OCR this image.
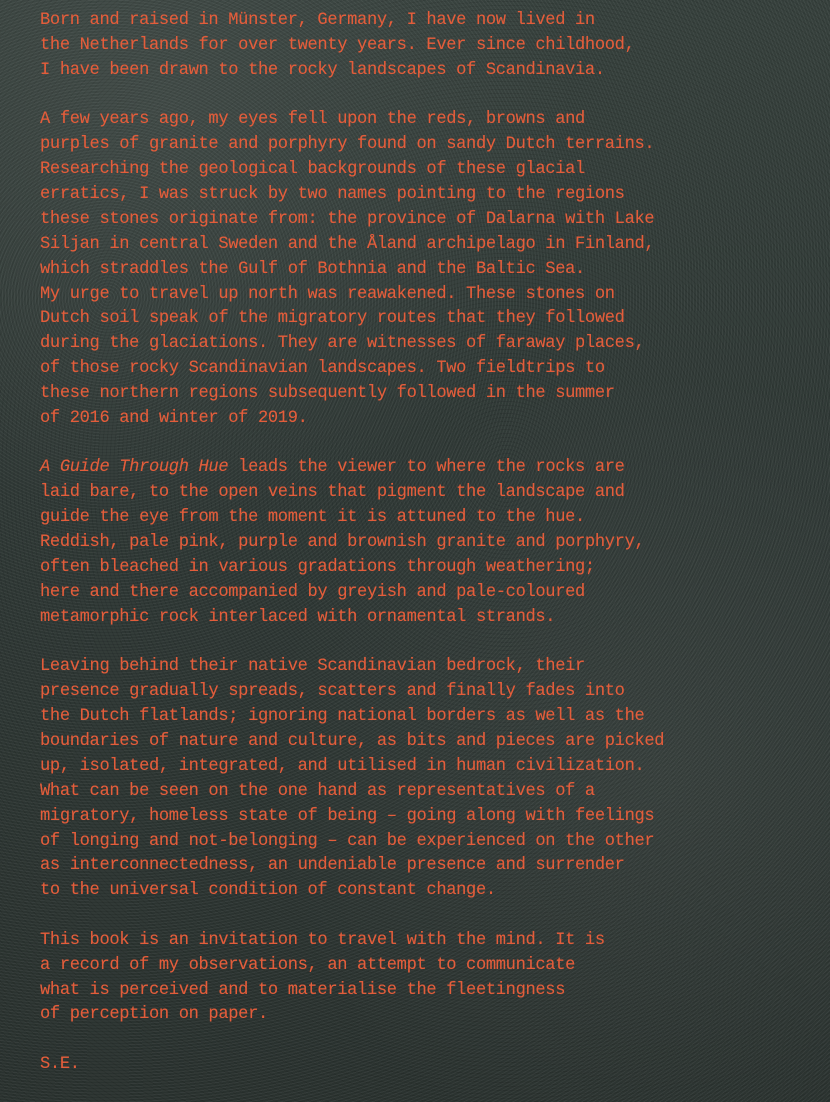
Born and raised in Münster, Germany, I have now lived in
the Netherlands for over twenty years. Ever since childhood,
I have been drawn to the rocky landscapes of Scandinavia.
A few years ago, my eyes fell upon the reds, browns and
purples of granite and porphyry found on sandy Dutch terrains.
Researching the geological backgrounds of these glacial
erratics, I was struck by two names pointing to the regions
these stones originate from: the province of Dalarna with Lake
Siljan in central Sweden and the Åland archipelago in Finland,
which straddles the Gulf of Bothnia and the Baltic Sea.
My urge to travel up north was reawakened. These stones on
Dutch soil speak of the migratory routes that they followed
during the glaciations. They are witnesses of faraway places,
of those rocky Scandinavian landscapes. Two fieldtrips to
these northern regions subsequently followed in the summer
of 2016 and winter of 2019.
A Guide Through Hue leads the viewer to where the rocks are
laid bare, to the open veins that pigment the landscape and
guide the eye from the moment it is attuned to the hue.
Reddish, pale pink, purple and brownish granite and porphyry,
often bleached in various gradations through weathering;
here and there accompanied by greyish and pale-coloured
metamorphic rock interlaced with ornamental strands.
Leaving behind their native Scandinavian bedrock, their
presence gradually spreads, scatters and finally fades into
the Dutch flatlands; ignoring national borders as well as the
boundaries of nature and culture, as bits and pieces are picked
up, isolated, integrated, and utilised in human civilization.
What can be seen on the one hand as representatives of a
migratory, homeless state of being – going along with feelings
of longing and not-belonging – can be experienced on the other
as interconnectedness, an undeniable presence and surrender
to the universal condition of constant change.
This book is an invitation to travel with the mind. It is
a record of my observations, an attempt to communicate
what is perceived and to materialise the fleetingness
of perception on paper.
S.E.
